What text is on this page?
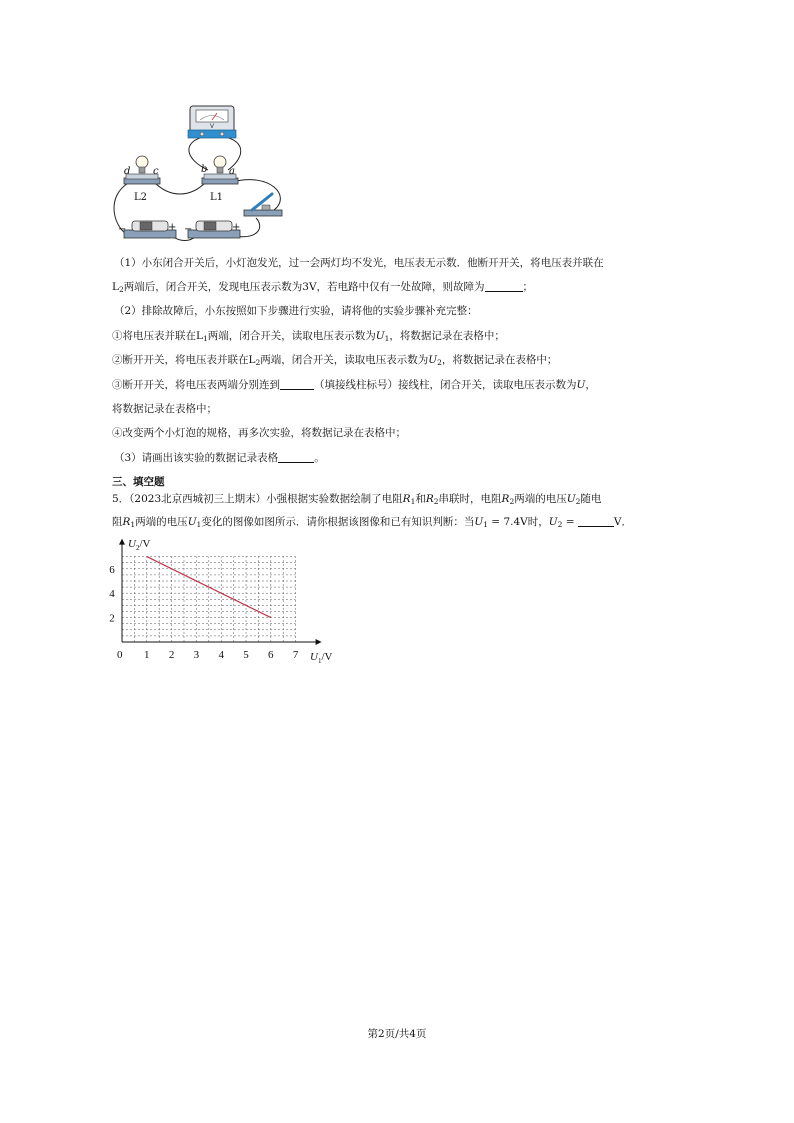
V
d c
L2
b a
L1
−	+ −	+
（1）小东闭合开关后，小灯泡发光，过一会两灯均不发光，电压表无示数．他断开开关，将电压表并联在
$L_2$两端后，闭合开关，发现电压表示数为3V，若电路中仅有一处故障，则故障为	；
（2）排除故障后，小东按照如下步骤进行实验，请将他的实验步骤补充完整：
①将电压表并联在$L_1$两端，闭合开关，读取电压表示数为$U_1$，将数据记录在表格中；
②断开开关，将电压表并联在$L_2$两端，闭合开关，读取电压表示数为$U_2$，将数据记录在表格中；
③断开开关，将电压表两端分别连到	（填接线柱标号）接线柱，闭合开关，读取电压表示数为U，
将数据记录在表格中；
④改变两个小灯泡的规格，再多次实验，将数据记录在表格中；
（3）请画出该实验的数据记录表格	。
三、填空题
5．（2023北京西城初三上期末）小强根据实验数据绘制了电阻$R_1$和$R_2$串联时，电阻$R_2$两端的电压$U_2$随电
阻$R_1$两端的电压$U_1$变化的图像如图所示．请你根据该图像和已有知识判断：当$U_1 = 7.4V$时，$U_2$ =	V．
1 2 3 4 5 6 7
2
4
6
0
$U_2/V$
$U_1/V$
第2页/共4页
